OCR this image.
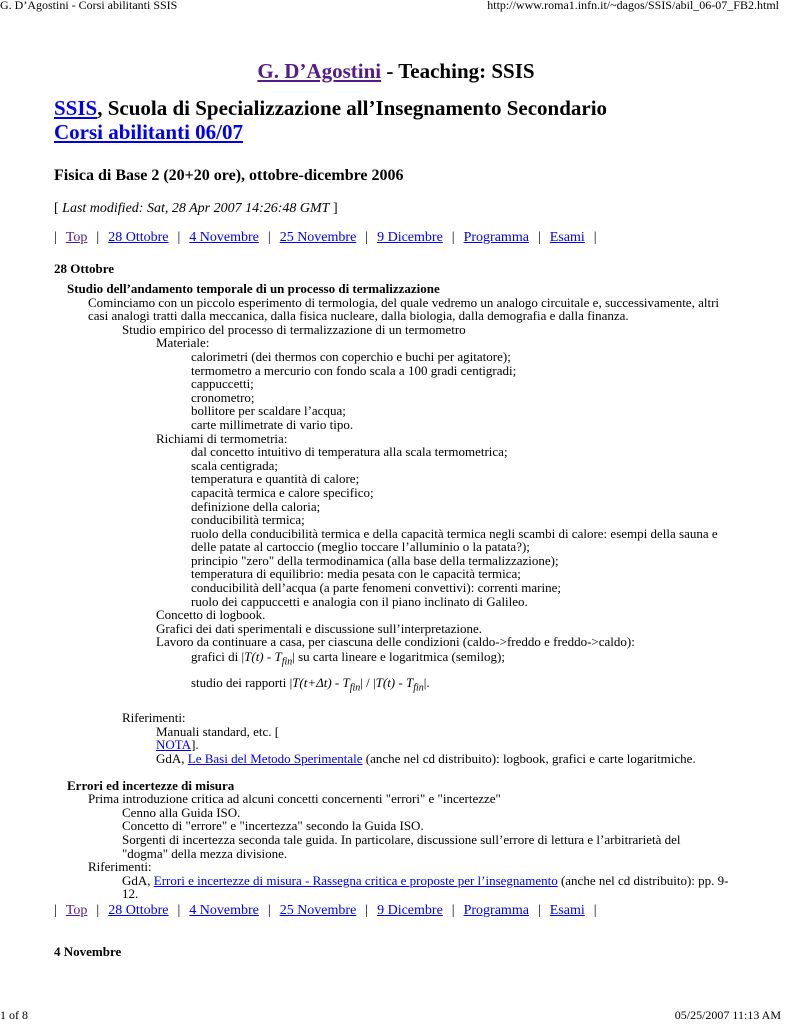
G. D’Agostini - Corsi abilitanti SSIS	http://www.roma1.infn.it/~dagos/SSIS/abil_06-07_FB2.html
G. D’Agostini - Teaching: SSIS
SSIS, Scuola di Specializzazione all’Insegnamento Secondario
Corsi abilitanti 06/07
Fisica di Base 2 (20+20 ore), ottobre-dicembre 2006
[ Last modified: Sat, 28 Apr 2007 14:26:48 GMT ]
| Top | 28 Ottobre | 4 Novembre | 25 Novembre | 9 Dicembre | Programma | Esami |
28 Ottobre
Studio dell’andamento temporale di un processo di termalizzazione
Cominciamo con un piccolo esperimento di termologia, del quale vedremo un analogo circuitale e, successivamente, altri casi analogi tratti dalla meccanica, dalla fisica nucleare, dalla biologia, dalla demografia e dalla finanza.
• Studio empirico del processo di termalizzazione di un termometro
◦ Materiale:
▪ calorimetri (dei thermos con coperchio e buchi per agitatore);
▪ termometro a mercurio con fondo scala a 100 gradi centigradi;
▪ cappuccetti;
▪ cronometro;
▪ bollitore per scaldare l’acqua;
▪ carte millimetrate di vario tipo.
◦ Richiami di termometria:
▪ dal concetto intuitivo di temperatura alla scala termometrica;
▪ scala centigrada;
▪ temperatura e quantità di calore;
▪ capacità termica e calore specifico;
▪ definizione della caloria;
▪ conducibilità termica;
▪ ruolo della conducibilità termica e della capacità termica negli scambi di calore: esempi della sauna e delle patate al cartoccio (meglio toccare l’alluminio o la patata?);
▪ principio "zero" della termodinamica (alla base della termalizzazione);
▪ temperatura di equilibrio: media pesata con le capacità termica;
▪ conducibilità dell’acqua (a parte fenomeni convettivi): correnti marine;
▪ ruolo dei cappuccetti e analogia con il piano inclinato di Galileo.
◦ Concetto di logbook.
◦ Grafici dei dati sperimentali e discussione sull’interpretazione.
◦ Lavoro da continuare a casa, per ciascuna delle condizioni (caldo->freddo e freddo->caldo):
▪ grafici di $|T(t) - T_{fin}|$ su carta lineare e logaritmica (semilog);
▪ studio dei rapporti $|T(t+\Delta t) - T_{fin}| / |T(t) - T_{fin}|$.
Riferimenti:
◦ Manuali standard, etc. [
NOTA].
◦ GdA, Le Basi del Metodo Sperimentale (anche nel cd distribuito): logbook, grafici e carte logaritmiche.
Errori ed incertezze di misura
Prima introduzione critica ad alcuni concetti concernenti "errori" e "incertezze"
• Cenno alla Guida ISO.
• Concetto di "errore" e "incertezza" secondo la Guida ISO.
• Sorgenti di incertezza seconda tale guida. In particolare, discussione sull’errore di lettura e l’arbitrarietà del "dogma" della mezza divisione.
Riferimenti:
• GdA, Errori e incertezze di misura - Rassegna critica e proposte per l’insegnamento (anche nel cd distribuito): pp. 9-12.
| Top | 28 Ottobre | 4 Novembre | 25 Novembre | 9 Dicembre | Programma | Esami |
4 Novembre
1 of 8	05/25/2007 11:13 AM
